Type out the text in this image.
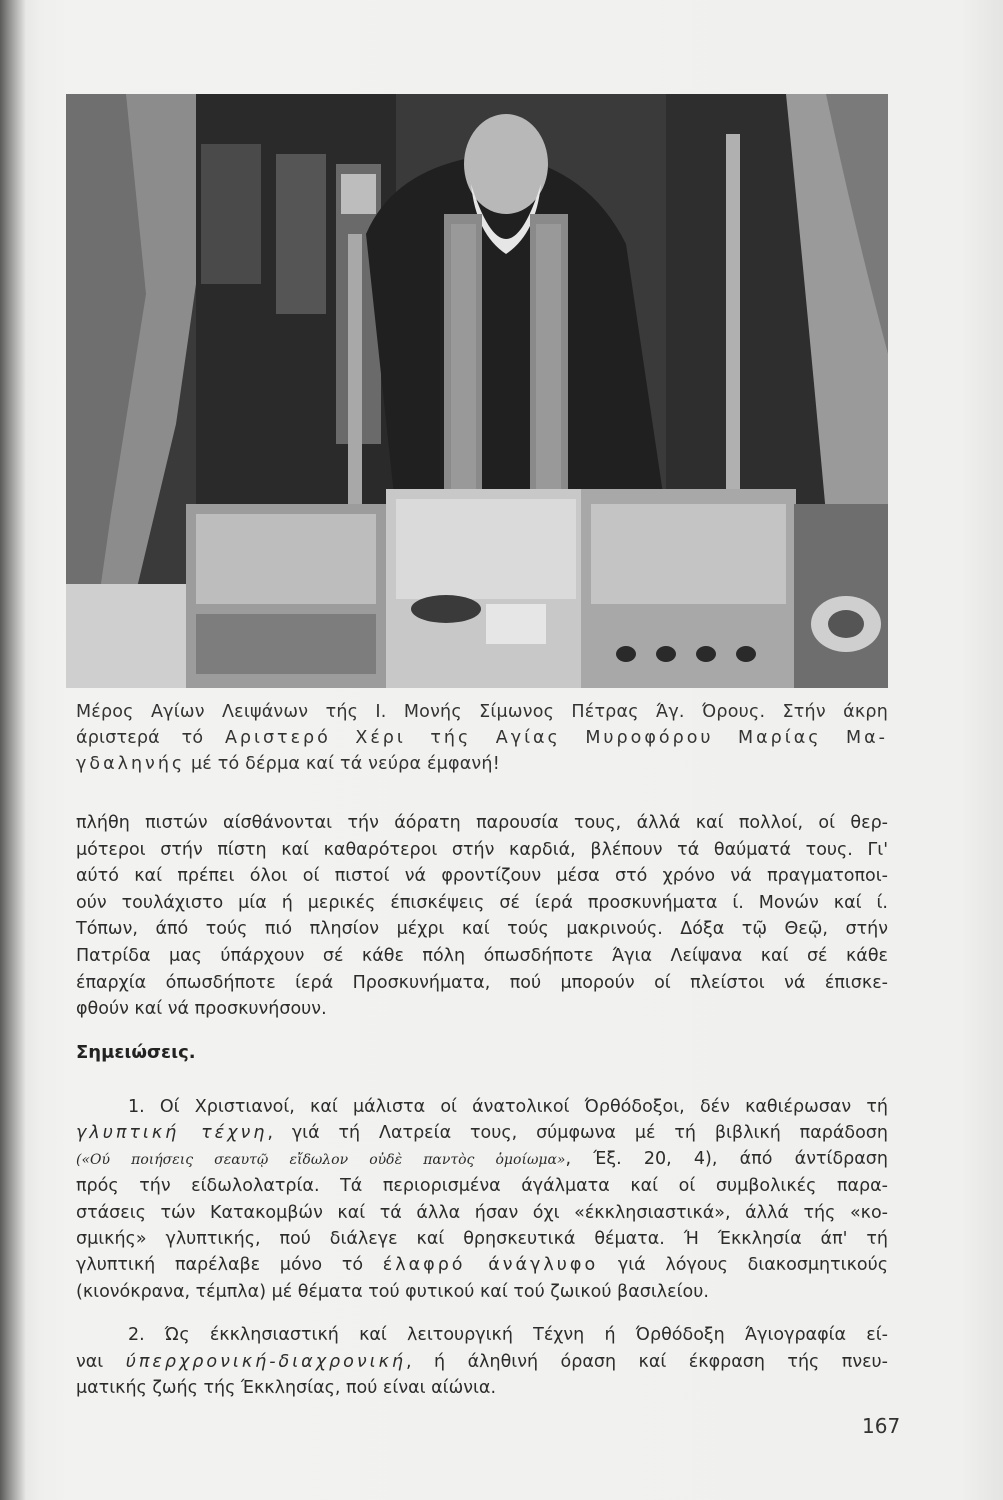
Μέρος Αγίων Λειψάνων τής Ι. Μονής Σίμωνος Πέτρας Άγ. Όρους. Στήν άκρη
άριστερά τό Αριστερό Χέρι τής Αγίας Μυροφόρου Μαρίας Μα-
γδαληνής μέ τό δέρμα καί τά νεύρα έμφανή!

πλήθη πιστών αίσθάνονται τήν άόρατη παρουσία τους, άλλά καί πολλοί, οί θερ-
μότεροι στήν πίστη καί καθαρότεροι στήν καρδιά, βλέπουν τά θαύματά τους. Γι'
αύτό καί πρέπει όλοι οί πιστοί νά φροντίζουν μέσα στό χρόνο νά πραγματοποι-
ούν τουλάχιστο μία ή μερικές έπισκέψεις σέ ίερά προσκυνήματα ί. Μονών καί ί.
Τόπων, άπό τούς πιό πλησίον μέχρι καί τούς μακρινούς. Δόξα τῷ Θεῷ, στήν
Πατρίδα μας ύπάρχουν σέ κάθε πόλη όπωσδήποτε Άγια Λείψανα καί σέ κάθε
έπαρχία όπωσδήποτε ίερά Προσκυνήματα, πού μπορούν οί πλείστοι νά έπισκε-
φθούν καί νά προσκυνήσουν.

Σημειώσεις.

1. Οί Χριστιανοί, καί μάλιστα οί άνατολικοί Όρθόδοξοι, δέν καθιέρωσαν τή
γλυπτική τέχνη, γιά τή Λατρεία τους, σύμφωνα μέ τή βιβλική παράδοση
(«Ού ποιήσεις σεαυτῷ εἴδωλον οὐδὲ παντὸς ὁμοίωμα», Έξ. 20, 4), άπό άντίδραση
πρός τήν είδωλολατρία. Τά περιορισμένα άγάλματα καί οί συμβολικές παρα-
στάσεις τών Κατακομβών καί τά άλλα ήσαν όχι «έκκλησιαστικά», άλλά τής «κο-
σμικής» γλυπτικής, πού διάλεγε καί θρησκευτικά θέματα. Ή Έκκλησία άπ' τή
γλυπτική παρέλαβε μόνο τό έλαφρό άνάγλυφο γιά λόγους διακοσμητικούς
(κιονόκρανα, τέμπλα) μέ θέματα τού φυτικού καί τού ζωικού βασιλείου.

2. Ώς έκκλησιαστική καί λειτουργική Τέχνη ή Όρθόδοξη Άγιογραφία εί-
ναι ύπερχρονική-διαχρονική, ή άληθινή όραση καί έκφραση τής πνευ-
ματικής ζωής τής Έκκλησίας, πού είναι αίώνια.

167
